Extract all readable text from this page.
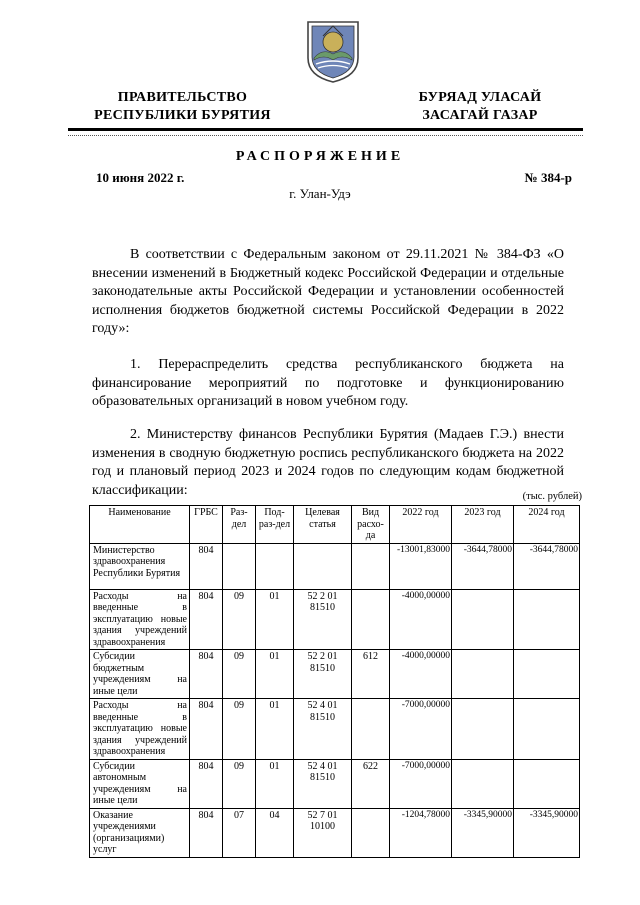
ПРАВИТЕЛЬСТВО
РЕСПУБЛИКИ БУРЯТИЯ
БУРЯАД УЛАСАЙ
ЗАСАГАЙ ГАЗАР
РАСПОРЯЖЕНИЕ
10 июня 2022 г.	№ 384-р
г. Улан-Удэ

В соответствии с Федеральным законом от 29.11.2021 № 384-ФЗ «О внесении изменений в Бюджетный кодекс Российской Федерации и отдельные законодательные акты Российской Федерации и установлении особенностей исполнения бюджетов бюджетной системы Российской Федерации в 2022 году»:

1. Перераспределить средства республиканского бюджета на финансирование мероприятий по подготовке и функционированию образовательных организаций в новом учебном году.

2. Министерству финансов Республики Бурятия (Мадаев Г.Э.) внести изменения в сводную бюджетную роспись республиканского бюджета на 2022 год и плановый период 2023 и 2024 годов по следующим кодам бюджетной классификации:	(тыс. рублей)
Наименование	ГРБС	Раз-дел	Под-раз-дел	Целевая статья	Вид расхо-да	2022 год	2023 год	2024 год
Министерство здравоохранения Республики Бурятия	804					-13001,83000	-3644,78000	-3644,78000
Расходы на введенные в эксплуатацию новые здания учреждений здравоохранения	804	09	01	52 2 01 81510		-4000,00000		
Субсидии бюджетным учреждениям на иные цели	804	09	01	52 2 01 81510	612	-4000,00000		
Расходы на введенные в эксплуатацию новые здания учреждений здравоохранения	804	09	01	52 4 01 81510		-7000,00000		
Субсидии автономным учреждениям на иные цели	804	09	01	52 4 01 81510	622	-7000,00000		
Оказание учреждениями (организациями) услуг	804	07	04	52 7 01 10100		-1204,78000	-3345,90000	-3345,90000
